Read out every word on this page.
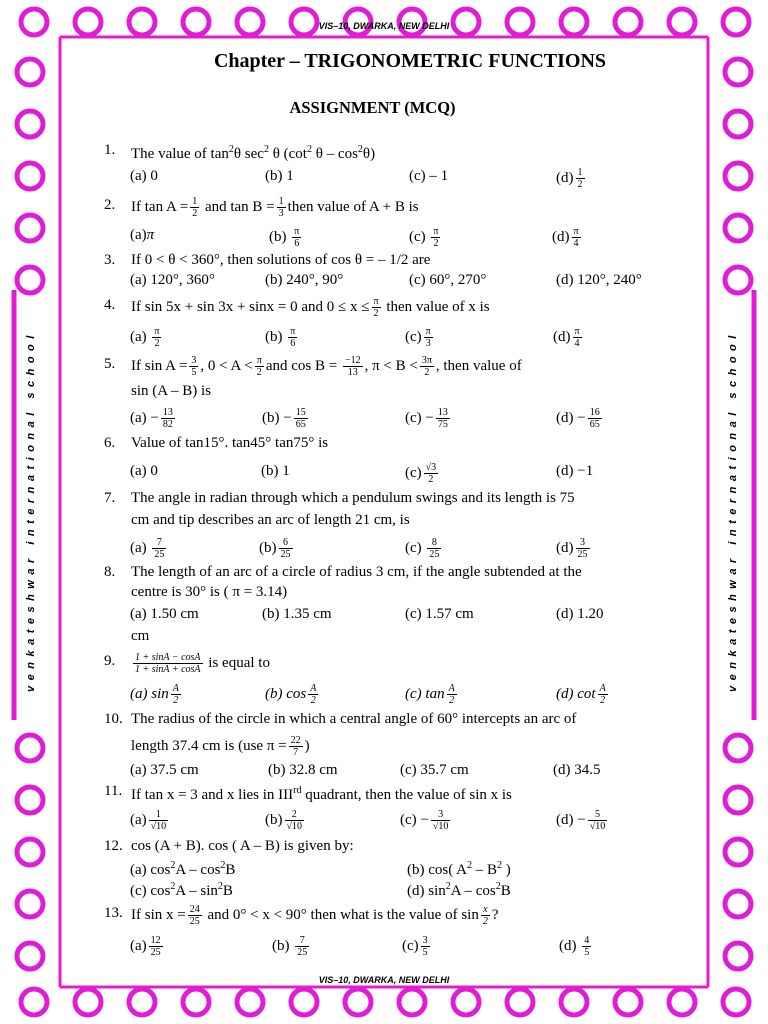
VIS–10, DWARKA, NEW DELHI
VIS–10, DWARKA, NEW DELHI
venkateshwar international school	venkateshwar international school
Chapter – TRIGONOMETRIC FUNCTIONS
ASSIGNMENT (MCQ)
1. The value of $\tan^2\theta$ $\sec^2 \theta$ ($\cot^2$ θ – $\cos^2\theta$)
(a) 0	(b) 1	(c) – 1	$(d) \frac{1}{2}$
2. If $\tan A = \frac{1}{2}$ and $\tan B = \frac{1}{3}$ then value of A + B is
(a)π	$(b) \frac{\pi}{6}$	$(c) \frac{\pi}{2}$	$(d) \frac{\pi}{4}$
3. If 0 < θ < 360°, then solutions of cos θ = – 1/2 are
(a) 120°, 360°	(b) 240°, 90°	(c) 60°, 270°	(d) 120°, 240°
4. If sin 5x + sin 3x + sinx = 0 and $0 \le x \le \frac{\pi}{2}$ then value of x is
$(a) \frac{\pi}{2}$	$(b) \frac{\pi}{6}$	$(c) \frac{\pi}{3}$	$(d) \frac{\pi}{4}$
5. If $\sin A = \frac{3}{5}$ , $0 < A < \frac{\pi}{2}$ and $\cos B = \frac{-12}{13}$ , $\pi < B < \frac{3\pi}{2}$ , then value of
sin (A – B) is
$(a) - \frac{13}{82}$	$(b) - \frac{15}{65}$	$(c) - \frac{13}{75}$	$(d) - \frac{16}{65}$
6. Value of tan15°. tan45° tan75° is
(a) 0	(b) 1	$(c) \frac{√3}{2}$	(d) −1
7. The angle in radian through which a pendulum swings and its length is 75
cm and tip describes an arc of length 21 cm, is
$(a) \frac{7}{25}$	$(b) \frac{6}{25}$	$(c) \frac{8}{25}$	$(d) \frac{3}{25}$
8. The length of an arc of a circle of radius 3 cm, if the angle subtended at the
centre is 30° is ( π = 3.14)
(a) 1.50 cm	(b) 1.35 cm	(c) 1.57 cm	(d) 1.20
cm
9. $\frac{1 + \sin A - \cos A}{1 + \sin A + \cos A}$ is equal to
(a) $\sin \frac{A}{2}$	(b) $\cos \frac{A}{2}$	(c) $\tan \frac{A}{2}$	(d) $\cot \frac{A}{2}$
10. The radius of the circle in which a central angle of 60° intercepts an arc of
length 37.4 cm is (use $\pi = \frac{22}{7}$ )
(a) 37.5 cm	(b) 32.8 cm	(c) 35.7 cm	(d) 34.5
11. If tan x = 3 and x lies in IIIrd quadrant, then the value of sin x is
$(a) \frac{1}{√10}$	$(b) \frac{2}{√10}$	$(c) - \frac{3}{√10}$	$(d) - \frac{5}{√10}$
12. cos (A + B). cos ( A – B) is given by:
(a) $\cos^2A - \cos^2B$	(b) cos( $A^2 - B^2$ )
(c) $\cos^2A - \sin^2B$	(d) $\sin^2A - \cos^2B$
13. If $\sin x = \frac{24}{25}$ and 0° < x < 90° then what is the value of $\sin \frac{x}{2}$ ?
$(a) \frac{12}{25}$	$(b) \frac{7}{25}$	$(c) \frac{3}{5}$	$(d) \frac{4}{5}$
